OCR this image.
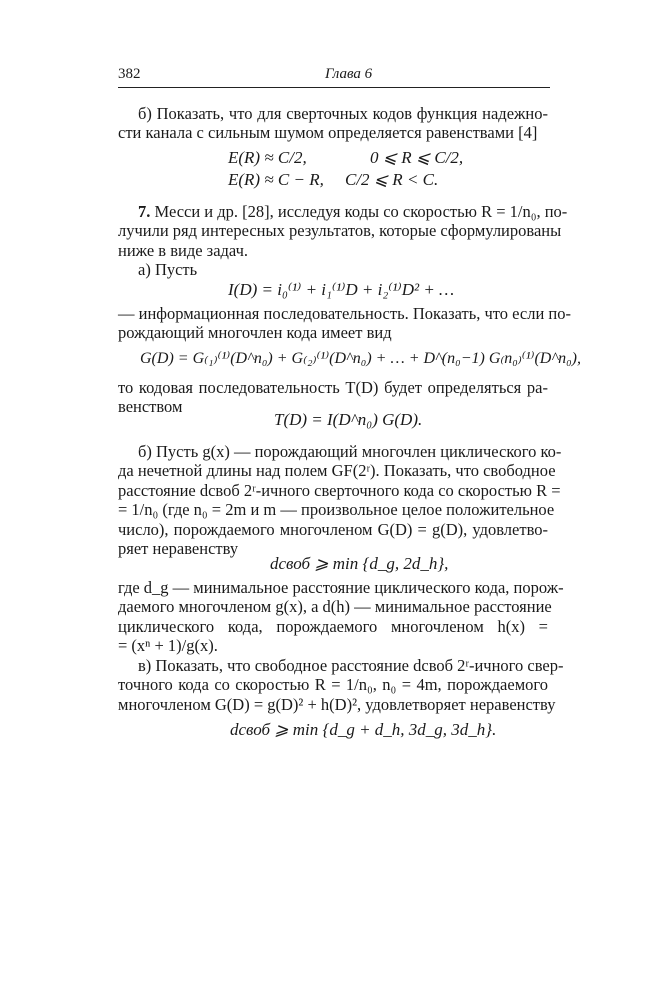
382	Глава 6
б) Показать, что для сверточных кодов функция надежно-
сти канала с сильным шумом определяется равенствами [4]
E(R) ≈ C/2,	0 ⩽ R ⩽ C/2,
E(R) ≈ C − R, C/2 ⩽ R < C.
7. Месси и др. [28], исследуя коды со скоростью R = 1/n₀, по-
лучили ряд интересных результатов, которые сформулированы
ниже в виде задач.
а) Пусть
I(D) = i₀⁽¹⁾ + i₁⁽¹⁾D + i₂⁽¹⁾D² + …
— информационная последовательность. Показать, что если по-
рождающий многочлен кода имеет вид
G(D) = G₍₁₎⁽¹⁾(D^n₀) + G₍₂₎⁽¹⁾(D^n₀) + … + D^(n₀−1) G₍n₀₎⁽¹⁾(D^n₀),
то кодовая последовательность T(D) будет определяться ра-
венством
T(D) = I(D^n₀) G(D).
б) Пусть g(x) — порождающий многочлен циклического ко-
да нечетной длины над полем GF(2ʳ). Показать, что свободное
расстояние dсвоб 2ʳ-ичного сверточного кода со скоростью R =
= 1/n₀ (где n₀ = 2m и m — произвольное целое положительное
число), порождаемого многочленом G(D) = g(D), удовлетво-
ряет неравенству
dсвоб ⩾ min {d_g, 2d_h},
где d_g — минимальное расстояние циклического кода, порож-
даемого многочленом g(x), а d(h) — минимальное расстояние
циклического кода, порождаемого многочленом h(x) =
= (xⁿ + 1)/g(x).
в) Показать, что свободное расстояние dсвоб 2ʳ-ичного свер-
точного кода со скоростью R = 1/n₀, n₀ = 4m, порождаемого
многочленом G(D) = g(D)² + h(D)², удовлетворяет неравенству
dсвоб ⩾ min {d_g + d_h, 3d_g, 3d_h}.
